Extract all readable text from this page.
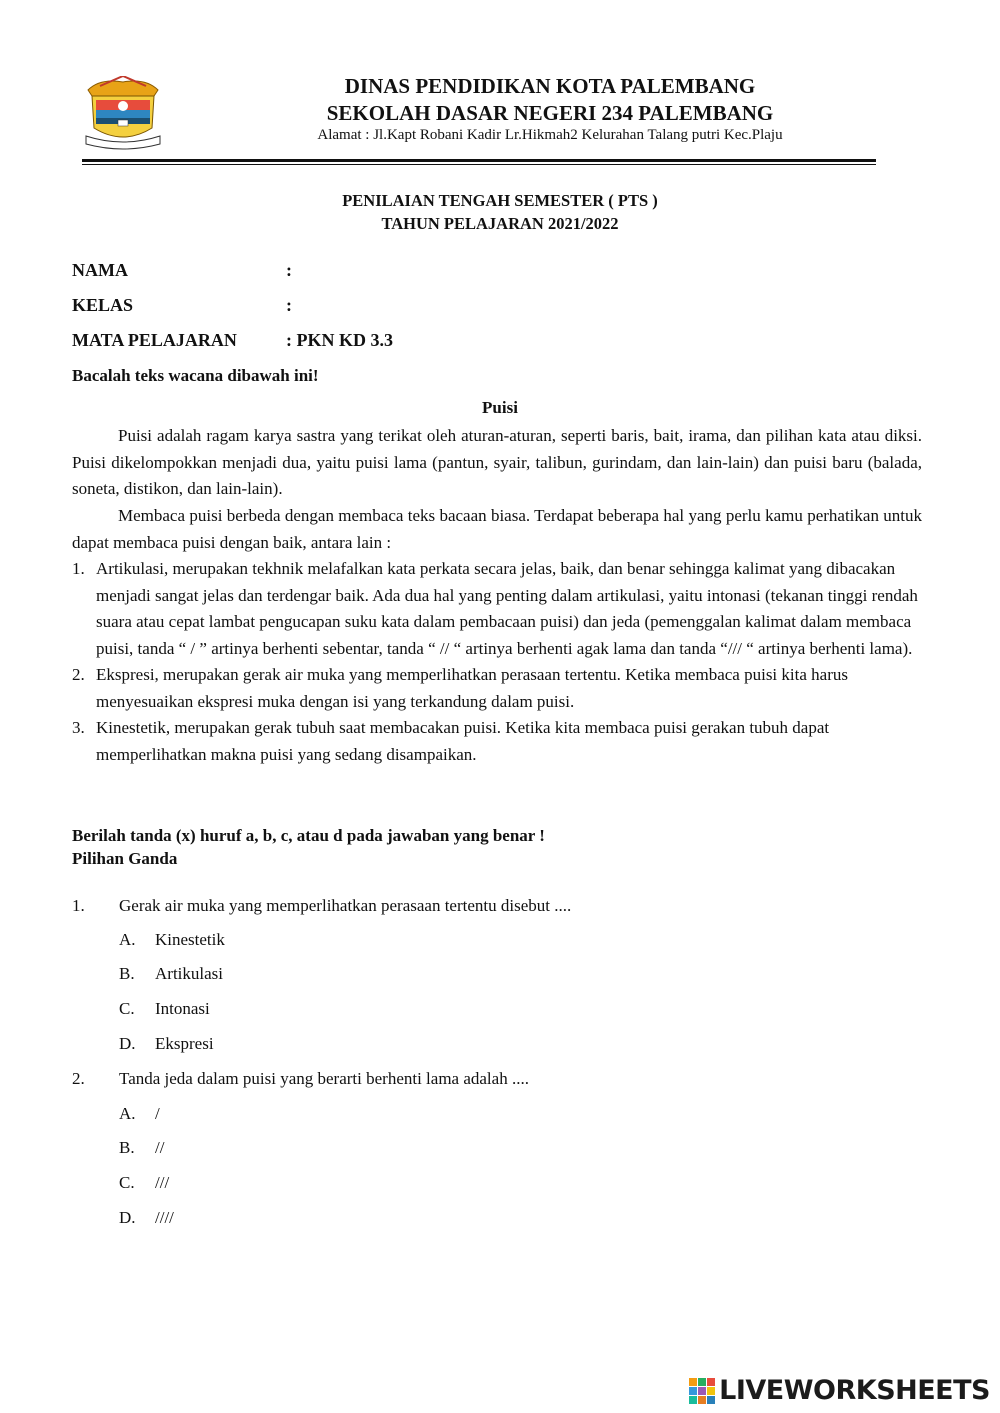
DINAS PENDIDIKAN KOTA PALEMBANG
SEKOLAH DASAR NEGERI 234 PALEMBANG
Alamat : Jl.Kapt Robani Kadir Lr.Hikmah2 Kelurahan Talang putri Kec.Plaju
PENILAIAN TENGAH SEMESTER ( PTS )
TAHUN PELAJARAN 2021/2022
NAMA	:
KELAS	:
MATA PELAJARAN	: PKN KD 3.3
Bacalah teks wacana dibawah ini!
Puisi
Puisi adalah ragam karya sastra yang terikat oleh aturan-aturan, seperti baris, bait, irama, dan pilihan kata atau diksi. Puisi dikelompokkan menjadi dua, yaitu puisi lama (pantun, syair, talibun, gurindam, dan lain-lain) dan puisi baru (balada, soneta, distikon, dan lain-lain).
Membaca puisi berbeda dengan membaca teks bacaan biasa. Terdapat beberapa hal yang perlu kamu perhatikan untuk dapat membaca puisi dengan baik, antara lain :
1. Artikulasi, merupakan tekhnik melafalkan kata perkata secara jelas, baik, dan benar sehingga kalimat yang dibacakan menjadi sangat jelas dan terdengar baik. Ada dua hal yang penting dalam artikulasi, yaitu intonasi (tekanan tinggi rendah suara atau cepat lambat pengucapan suku kata dalam pembacaan puisi) dan jeda (pemenggalan kalimat dalam membaca puisi, tanda “ / ” artinya berhenti sebentar, tanda “ // “ artinya berhenti agak lama dan tanda “/// “ artinya berhenti lama).
2. Ekspresi, merupakan gerak air muka yang memperlihatkan perasaan tertentu. Ketika membaca puisi kita harus menyesuaikan ekspresi muka dengan isi yang terkandung dalam puisi.
3. Kinestetik, merupakan gerak tubuh saat membacakan puisi. Ketika kita membaca puisi gerakan tubuh dapat memperlihatkan makna puisi yang sedang disampaikan.
Berilah tanda (x) huruf a, b, c, atau d pada jawaban yang benar !
Pilihan Ganda
1. Gerak air muka yang memperlihatkan perasaan tertentu disebut ....
A. Kinestetik
B. Artikulasi
C. Intonasi
D. Ekspresi
2. Tanda jeda dalam puisi yang berarti berhenti lama adalah ....
A. /
B. //
C. ///
D. ////
LIVEWORKSHEETS
